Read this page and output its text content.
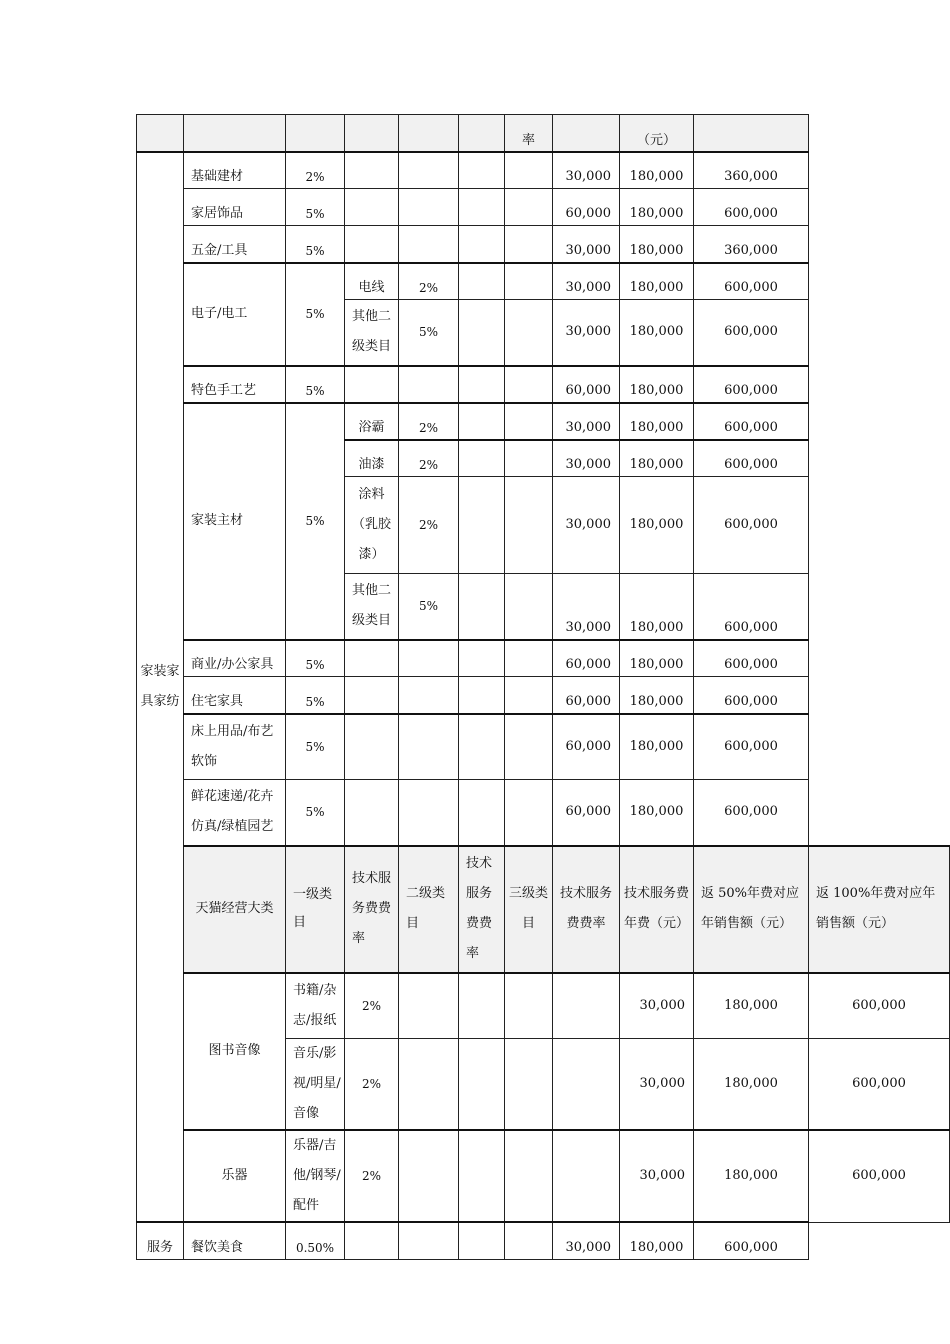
						率		（元）		
家装家具家纺	基础建材	2%					30,000	180,000	360,000	
	家居饰品	5%					60,000	180,000	600,000	
	五金/工具	5%					30,000	180,000	360,000	
	电子/电工	5%	电线	2%			30,000	180,000	600,000	
			其他二级类目	5%			30,000	180,000	600,000	
	特色手工艺	5%					60,000	180,000	600,000	
	家装主材	5%	浴霸	2%			30,000	180,000	600,000	
			油漆	2%			30,000	180,000	600,000	
			涂料（乳胶漆）	2%			30,000	180,000	600,000	
			其他二级类目	5%			30,000	180,000	600,000	
	商业/办公家具	5%					60,000	180,000	600,000	
	住宅家具	5%					60,000	180,000	600,000	
	床上用品/布艺软饰	5%					60,000	180,000	600,000	
	鲜花速递/花卉仿真/绿植园艺	5%					60,000	180,000	600,000	
	天猫经营大类	一级类目	技术服务费费率	二级类目	技术服务费费率	三级类目	技术服务费费率	技术服务费年费（元）	返 50%年费对应年销售额（元）	返 100%年费对应年销售额（元）
	图书音像	书籍/杂志/报纸	2%					30,000	180,000	600,000
		音乐/影视/明星/音像	2%					30,000	180,000	600,000
	乐器	乐器/吉他/钢琴/配件	2%					30,000	180,000	600,000
服务	餐饮美食	0.50%					30,000	180,000	600,000	
